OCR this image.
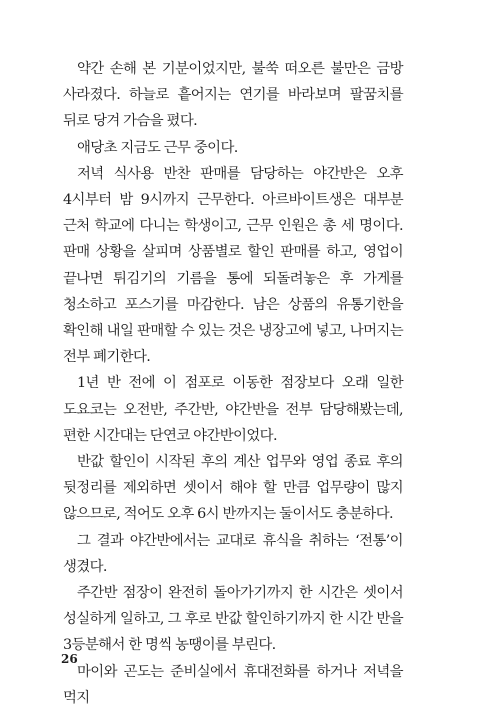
약간 손해 본 기분이었지만, 불쑥 떠오른 불만은 금방 사라졌다. 하늘로 흩어지는 연기를 바라보며 팔꿈치를 뒤로 당겨 가슴을 폈다.

애당초 지금도 근무 중이다.

저녁 식사용 반찬 판매를 담당하는 야간반은 오후 4시부터 밤 9시까지 근무한다. 아르바이트생은 대부분 근처 학교에 다니는 학생이고, 근무 인원은 총 세 명이다. 판매 상황을 살피며 상품별로 할인 판매를 하고, 영업이 끝나면 튀김기의 기름을 통에 되돌려놓은 후 가게를 청소하고 포스기를 마감한다. 남은 상품의 유통기한을 확인해 내일 판매할 수 있는 것은 냉장고에 넣고, 나머지는 전부 폐기한다.

1년 반 전에 이 점포로 이동한 점장보다 오래 일한 도요코는 오전반, 주간반, 야간반을 전부 담당해봤는데, 편한 시간대는 단연코 야간반이었다.

반값 할인이 시작된 후의 계산 업무와 영업 종료 후의 뒷정리를 제외하면 셋이서 해야 할 만큼 업무량이 많지 않으므로, 적어도 오후 6시 반까지는 둘이서도 충분하다.

그 결과 야간반에서는 교대로 휴식을 취하는 ‘전통’이 생겼다.

주간반 점장이 완전히 돌아가기까지 한 시간은 셋이서 성실하게 일하고, 그 후로 반값 할인하기까지 한 시간 반을 3등분해서 한 명씩 농땡이를 부린다.

마이와 곤도는 준비실에서 휴대전화를 하거나 저녁을 먹지

26
